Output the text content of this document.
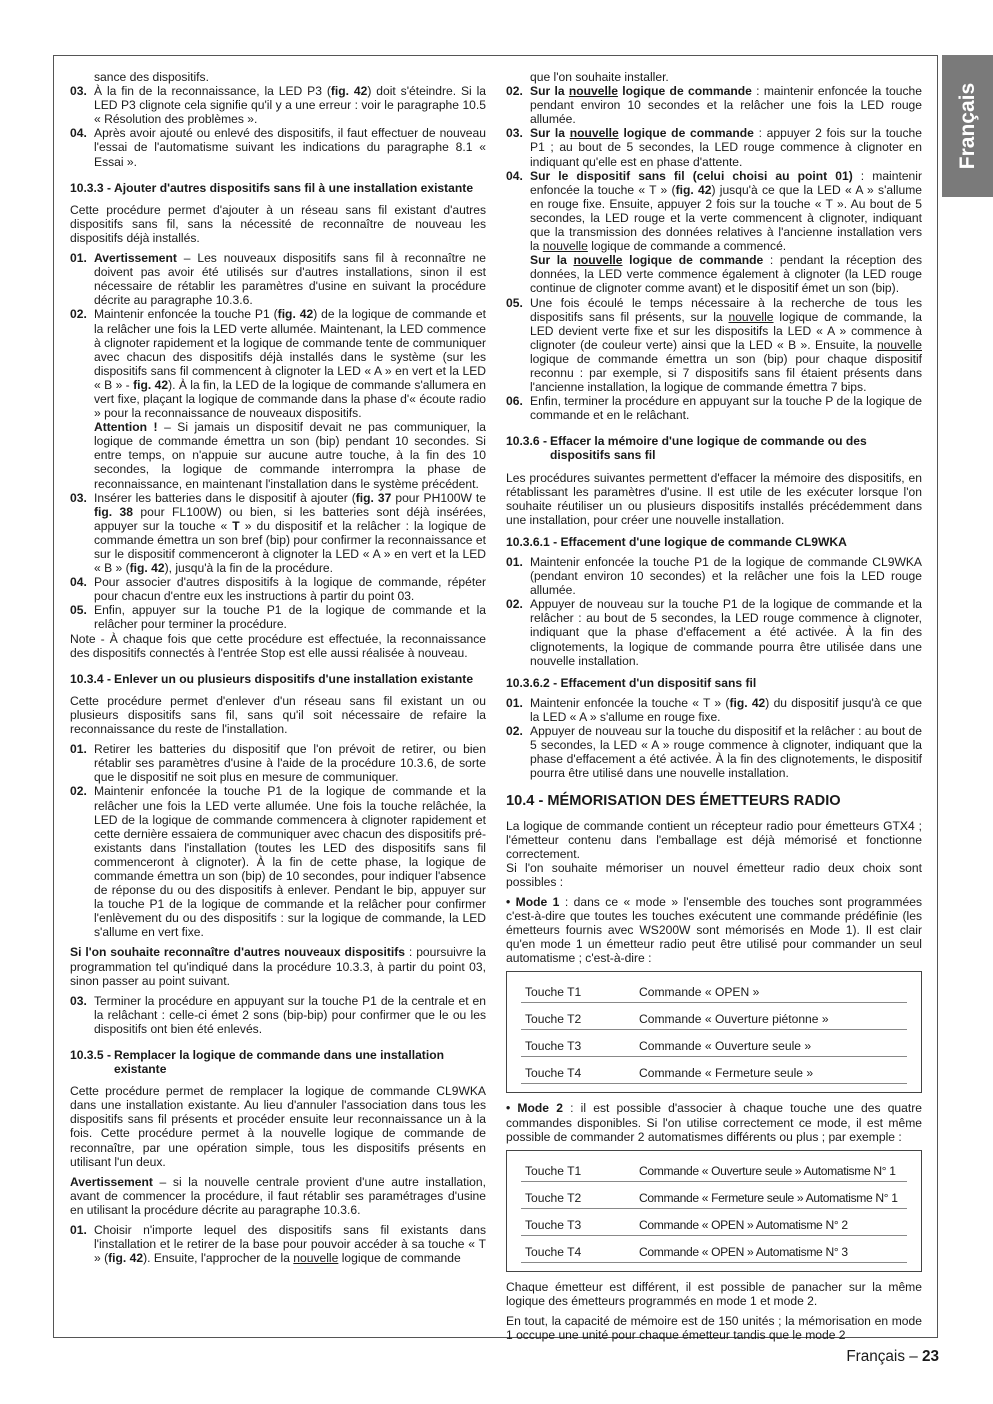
sance des dispositifs.

03. À la fin de la reconnaissance, la LED P3 (fig. 42) doit s'éteindre. Si la LED P3 clignote cela signifie qu'il y a une erreur : voir le paragraphe 10.5 « Résolution des problèmes ».
04. Après avoir ajouté ou enlevé des dispositifs, il faut effectuer de nouveau l'essai de l'automatisme suivant les indications du paragraphe 8.1 « Essai ».
10.3.3 - Ajouter d'autres dispositifs sans fil à une installation existante

Cette procédure permet d'ajouter à un réseau sans fil existant d'autres dispositifs sans fil, sans la nécessité de reconnaître de nouveau les dispositifs déjà installés.

01. Avertissement – Les nouveaux dispositifs sans fil à reconnaître ne doivent pas avoir été utilisés sur d'autres installations, sinon il est nécessaire de rétablir les paramètres d'usine en suivant la procédure décrite au paragraphe 10.3.6.
02. Maintenir enfoncée la touche P1 (fig. 42) de la logique de commande et la relâcher une fois la LED verte allumée. Maintenant, la LED commence à clignoter rapidement et la logique de commande tente de communiquer avec chacun des dispositifs déjà installés dans le système (sur les dispositifs sans fil commencent à clignoter la LED « A » en vert et la LED « B » - fig. 42). À la fin, la LED de la logique de commande s'allumera en vert fixe, plaçant la logique de commande dans la phase d'« écoute radio » pour la reconnaissance de nouveaux dispositifs.
Attention ! – Si jamais un dispositif devait ne pas communiquer, la logique de commande émettra un son (bip) pendant 10 secondes. Si entre temps, on n'appuie sur aucune autre touche, à la fin des 10 secondes, la logique de commande interrompra la phase de reconnaissance, en maintenant l'installation dans le système précédent.
03. Insérer les batteries dans le dispositif à ajouter (fig. 37 pour PH100W te fig. 38 pour FL100W) ou bien, si les batteries sont déjà insérées, appuyer sur la touche « T » du dispositif et la relâcher : la logique de commande émettra un son bref (bip) pour confirmer la reconnaissance et sur le dispositif commenceront à clignoter la LED « A » en vert et la LED « B » (fig. 42), jusqu'à la fin de la procédure.
04. Pour associer d'autres dispositifs à la logique de commande, répéter pour chacun d'entre eux les instructions à partir du point 03.
05. Enfin, appuyer sur la touche P1 de la logique de commande et la relâcher pour terminer la procédure.

Note - À chaque fois que cette procédure est effectuée, la reconnaissance des dispositifs connectés à l'entrée Stop est elle aussi réalisée à nouveau.

10.3.4 - Enlever un ou plusieurs dispositifs d'une installation existante

Cette procédure permet d'enlever d'un réseau sans fil existant un ou plusieurs dispositifs sans fil, sans qu'il soit nécessaire de refaire la reconnaissance du reste de l'installation.

01. Retirer les batteries du dispositif que l'on prévoit de retirer, ou bien rétablir ses paramètres d'usine à l'aide de la procédure 10.3.6, de sorte que le dispositif ne soit plus en mesure de communiquer.
02. Maintenir enfoncée la touche P1 de la logique de commande et la relâcher une fois la LED verte allumée. Une fois la touche relâchée, la LED de la logique de commande commencera à clignoter rapidement et cette dernière essaiera de communiquer avec chacun des dispositifs pré-existants dans l'installation (toutes les LED des dispositifs sans fil commenceront à clignoter). À la fin de cette phase, la logique de commande émettra un son (bip) de 10 secondes, pour indiquer l'absence de réponse du ou des dispositifs à enlever. Pendant le bip, appuyer sur la touche P1 de la logique de commande et la relâcher pour confirmer l'enlèvement du ou des dispositifs : sur la logique de commande, la LED s'allume en vert fixe.

Si l'on souhaite reconnaître d'autres nouveaux dispositifs : poursuivre la programmation tel qu'indiqué dans la procédure 10.3.3, à partir du point 03, sinon passer au point suivant.

03. Terminer la procédure en appuyant sur la touche P1 de la centrale et en la relâchant : celle-ci émet 2 sons (bip-bip) pour confirmer que le ou les dispositifs ont bien été enlevés.
10.3.5 - Remplacer la logique de commande dans une installation existante

Cette procédure permet de remplacer la logique de commande CL9WKA dans une installation existante. Au lieu d'annuler l'association dans tous les dispositifs sans fil présents et procéder ensuite leur reconnaissance un à la fois. Cette procédure permet à la nouvelle logique de commande de reconnaître, par une opération simple, tous les dispositifs présents en utilisant l'un deux.

Avertissement – si la nouvelle centrale provient d'une autre installation, avant de commencer la procédure, il faut rétablir ses paramétrages d'usine en utilisant la procédure décrite au paragraphe 10.3.6.

01. Choisir n'importe lequel des dispositifs sans fil existants dans l'installation et le retirer de la base pour pouvoir accéder à sa touche « T » (fig. 42). Ensuite, l'approcher de la nouvelle logique de commande

que l'on souhaite installer.

02. Sur la nouvelle logique de commande : maintenir enfoncée la touche pendant environ 10 secondes et la relâcher une fois la LED rouge allumée.
03. Sur la nouvelle logique de commande : appuyer 2 fois sur la touche P1 ; au bout de 5 secondes, la LED rouge commence à clignoter en indiquant qu'elle est en phase d'attente.
04. Sur le dispositif sans fil (celui choisi au point 01) : maintenir enfoncée la touche « T » (fig. 42) jusqu'à ce que la LED « A » s'allume en rouge fixe. Ensuite, appuyer 2 fois sur la touche « T ». Au bout de 5 secondes, la LED rouge et la verte commencent à clignoter, indiquant que la transmission des données relatives à l'ancienne installation vers la nouvelle logique de commande a commencé.
Sur la nouvelle logique de commande : pendant la réception des données, la LED verte commence également à clignoter (la LED rouge continue de clignoter comme avant) et le dispositif émet un son (bip).
05. Une fois écoulé le temps nécessaire à la recherche de tous les dispositifs sans fil présents, sur la nouvelle logique de commande, la LED devient verte fixe et sur les dispositifs la LED « A » commence à clignoter (de couleur verte) ainsi que la LED « B ». Ensuite, la nouvelle logique de commande émettra un son (bip) pour chaque dispositif reconnu : par exemple, si 7 dispositifs sans fil étaient présents dans l'ancienne installation, la logique de commande émettra 7 bips.
06. Enfin, terminer la procédure en appuyant sur la touche P de la logique de commande et en le relâchant.
10.3.6 - Effacer la mémoire d'une logique de commande ou des dispositifs sans fil

Les procédures suivantes permettent d'effacer la mémoire des dispositifs, en rétablissant les paramètres d'usine. Il est utile de les exécuter lorsque l'on souhaite réutiliser un ou plusieurs dispositifs installés précédemment dans une installation, pour créer une nouvelle installation.

10.3.6.1 - Effacement d'une logique de commande CL9WKA
01. Maintenir enfoncée la touche P1 de la logique de commande CL9WKA (pendant environ 10 secondes) et la relâcher une fois la LED rouge allumée.
02. Appuyer de nouveau sur la touche P1 de la logique de commande et la relâcher : au bout de 5 secondes, la LED rouge commence à clignoter, indiquant que la phase d'effacement a été activée. À la fin des clignotements, la logique de commande pourra être utilisée dans une nouvelle installation.
10.3.6.2 - Effacement d'un dispositif sans fil
01. Maintenir enfoncée la touche « T » (fig. 42) du dispositif jusqu'à ce que la LED « A » s'allume en rouge fixe.
02. Appuyer de nouveau sur la touche du dispositif et la relâcher : au bout de 5 secondes, la LED « A » rouge commence à clignoter, indiquant que la phase d'effacement a été activée. À la fin des clignotements, le dispositif pourra être utilisé dans une nouvelle installation.
10.4 - MÉMORISATION DES ÉMETTEURS RADIO

La logique de commande contient un récepteur radio pour émetteurs GTX4 ; l'émetteur contenu dans l'emballage est déjà mémorisé et fonctionne correctement.

Si l'on souhaite mémoriser un nouvel émetteur radio deux choix sont possibles :

• Mode 1 : dans ce « mode » l'ensemble des touches sont programmées c'est-à-dire que toutes les touches exécutent une commande prédéfinie (les émetteurs fournis avec WS200W sont mémorisés en Mode 1). Il est clair qu'en mode 1 un émetteur radio peut être utilisé pour commander un seul automatisme ; c'est-à-dire :

Touche T1	Commande « OPEN »
Touche T2	Commande « Ouverture piétonne »
Touche T3	Commande « Ouverture seule »
Touche T4	Commande « Fermeture seule »

• Mode 2 : il est possible d'associer à chaque touche une des quatre commandes disponibles. Si l'on utilise correctement ce mode, il est même possible de commander 2 automatismes différents ou plus ; par exemple :

Touche T1	Commande « Ouverture seule » Automatisme N° 1
Touche T2	Commande « Fermeture seule » Automatisme N° 1
Touche T3	Commande « OPEN » Automatisme N° 2
Touche T4	Commande « OPEN » Automatisme N° 3

Chaque émetteur est différent, il est possible de panacher sur la même logique des émetteurs programmés en mode 1 et mode 2.

En tout, la capacité de mémoire est de 150 unités ; la mémorisation en mode 1 occupe une unité pour chaque émetteur tandis que le mode 2

Français
Français – 23
